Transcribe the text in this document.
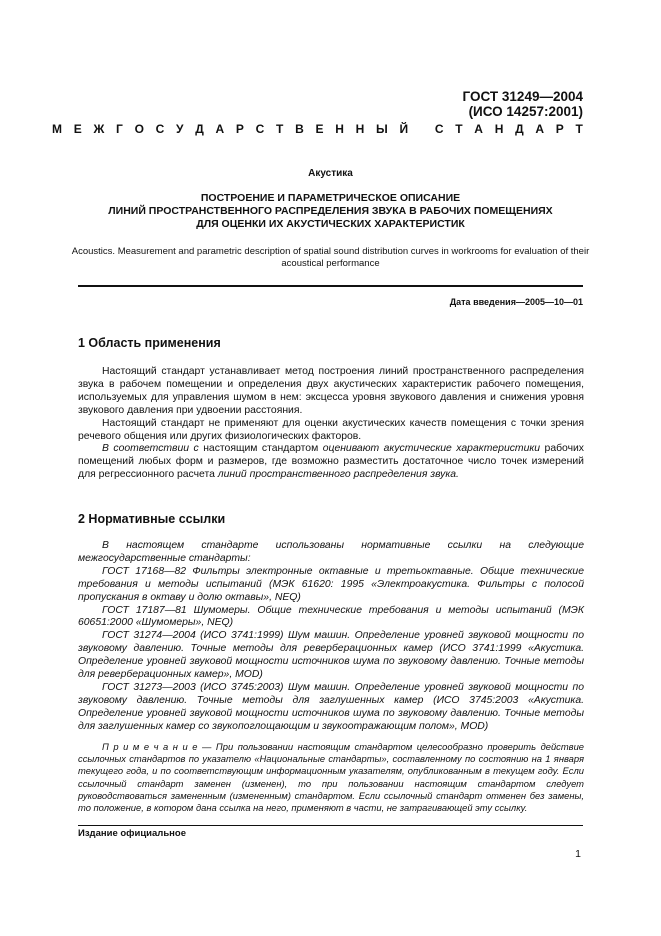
ГОСТ 31249—2004
(ИСО 14257:2001)
М Е Ж Г О С У Д А Р С Т В Е Н Н Ы Й
С Т А Н Д А Р Т
Акустика
ПОСТРОЕНИЕ И ПАРАМЕТРИЧЕСКОЕ ОПИСАНИЕ
ЛИНИЙ ПРОСТРАНСТВЕННОГО РАСПРЕДЕЛЕНИЯ ЗВУКА В РАБОЧИХ ПОМЕЩЕНИЯХ
ДЛЯ ОЦЕНКИ ИХ АКУСТИЧЕСКИХ ХАРАКТЕРИСТИК
Acoustics. Measurement and parametric description of spatial sound distribution curves in workrooms for evaluation of their acoustical performance
Дата введения—2005—10—01
1 Область применения

Настоящий стандарт устанавливает метод построения линий пространственного распределения звука в рабочем помещении и определения двух акустических характеристик рабочего помещения, используемых для управления шумом в нем: эксцесса уровня звукового давления и снижения уровня звукового давления при удвоении расстояния.

Настоящий стандарт не применяют для оценки акустических качеств помещения с точки зрения речевого общения или других физиологических факторов.

В соответствии с настоящим стандартом оценивают акустические характеристики рабочих помещений любых форм и размеров, где возможно разместить достаточное число точек измерений для регрессионного расчета линий пространственного распределения звука.

2 Нормативные ссылки

В настоящем стандарте использованы нормативные ссылки на следующие межгосударственные стандарты:

ГОСТ 17168—82 Фильтры электронные октавные и третьоктавные. Общие технические требования и методы испытаний (МЭК 61620: 1995 «Электроакустика. Фильтры с полосой пропускания в октаву и долю октавы», NEQ)

ГОСТ 17187—81 Шумомеры. Общие технические требования и методы испытаний (МЭК 60651:2000 «Шумомеры», NEQ)

ГОСТ 31274—2004 (ИСО 3741:1999) Шум машин. Определение уровней звуковой мощности по звуковому давлению. Точные методы для реверберационных камер (ИСО 3741:1999 «Акустика. Определение уровней звуковой мощности источников шума по звуковому давлению. Точные методы для реверберационных камер», MOD)

ГОСТ 31273—2003 (ИСО 3745:2003) Шум машин. Определение уровней звуковой мощности по звуковому давлению. Точные методы для заглушенных камер (ИСО 3745:2003 «Акустика. Определение уровней звуковой мощности источников шума по звуковому давлению. Точные методы для заглушенных камер со звукопоглощающим и звукоотражающим полом», MOD)

П р и м е ч а н и е — При пользовании настоящим стандартом целесообразно проверить действие ссылочных стандартов по указателю «Национальные стандарты», составленному по состоянию на 1 января текущего года, и по соответствующим информационным указателям, опубликованным в текущем году. Если ссылочный стандарт заменен (изменен), то при пользовании настоящим стандартом следует руководствоваться замененным (измененным) стандартом. Если ссылочный стандарт отменен без замены, то положение, в котором дана ссылка на него, применяют в части, не затрагивающей эту ссылку.
Издание официальное
1
